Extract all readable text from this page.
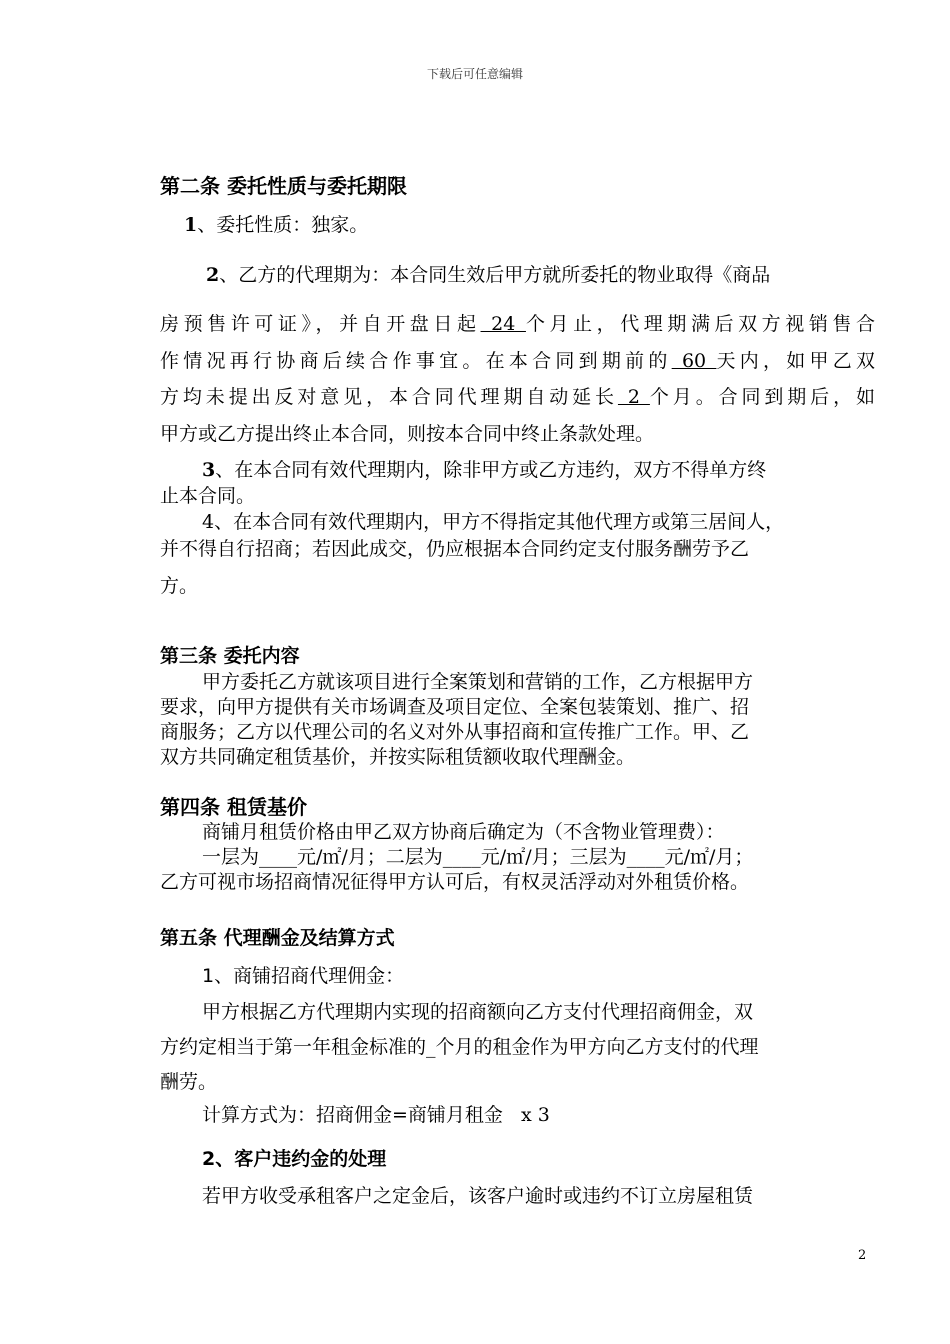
下载后可任意编辑
第二条 委托性质与委托期限
1、委托性质：独家。
2、乙方的代理期为：本合同生效后甲方就所委托的物业取得《商品
房预售许可证》，并自开盘日起 24 个月止，代理期满后双方视销售合
作情况再行协商后续合作事宜。在本合同到期前的 60 天内，如甲乙双
方均未提出反对意见，本合同代理期自动延长 2 个月。合同到期后，如
甲方或乙方提出终止本合同，则按本合同中终止条款处理。
3、在本合同有效代理期内，除非甲方或乙方违约，双方不得单方终
止本合同。
4、在本合同有效代理期内，甲方不得指定其他代理方或第三居间人，
并不得自行招商；若因此成交，仍应根据本合同约定支付服务酬劳予乙
方。
第三条 委托内容
甲方委托乙方就该项目进行全案策划和营销的工作，乙方根据甲方
要求，向甲方提供有关市场调查及项目定位、全案包装策划、推广、招
商服务；乙方以代理公司的名义对外从事招商和宣传推广工作。甲、乙
双方共同确定租赁基价，并按实际租赁额收取代理酬金。
第四条 租赁基价
商铺月租赁价格由甲乙双方协商后确定为（不含物业管理费）：
一层为____元/㎡/月；二层为____元/㎡/月；三层为____元/㎡/月；
乙方可视市场招商情况征得甲方认可后，有权灵活浮动对外租赁价格。
第五条 代理酬金及结算方式
1、商铺招商代理佣金：
甲方根据乙方代理期内实现的招商额向乙方支付代理招商佣金，双
方约定相当于第一年租金标准的_个月的租金作为甲方向乙方支付的代理
酬劳。
计算方式为：招商佣金=商铺月租金   x 3
2、客户违约金的处理
若甲方收受承租客户之定金后，该客户逾时或违约不订立房屋租赁
2
